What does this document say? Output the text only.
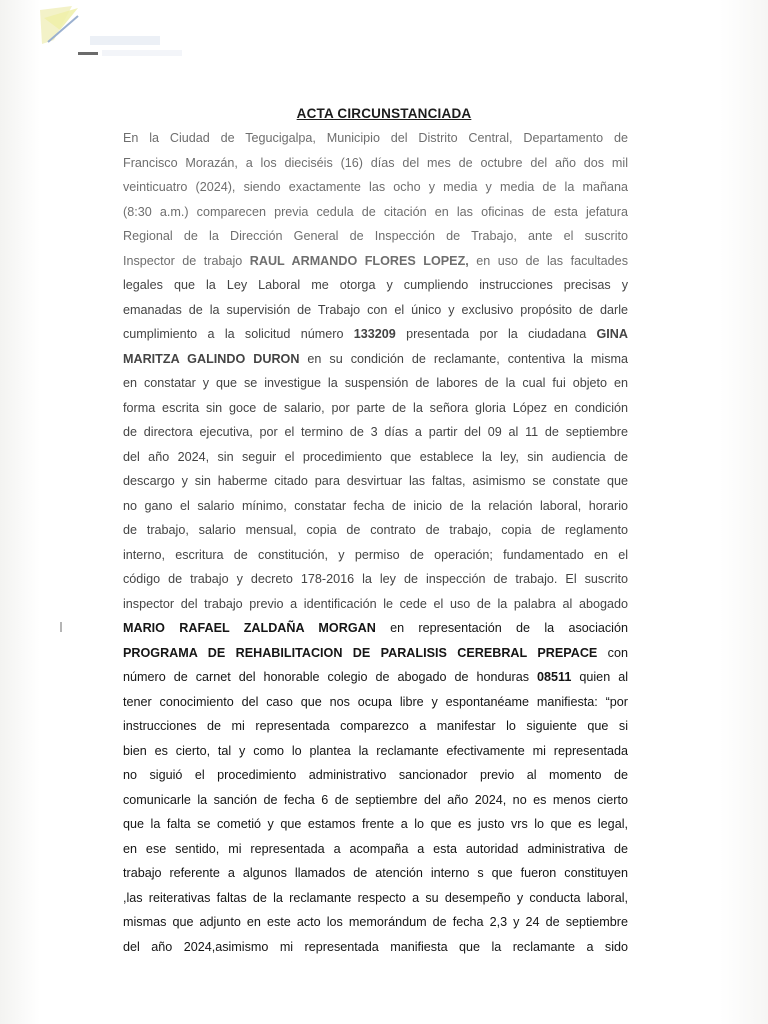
ACTA CIRCUNSTANCIADA
En la Ciudad de Tegucigalpa, Municipio del Distrito Central, Departamento de
Francisco Morazán, a los dieciséis (16) días del mes de octubre del año dos mil
veinticuatro (2024), siendo exactamente las ocho y media y media de la mañana
(8:30 a.m.) comparecen previa cedula de citación en las oficinas de esta jefatura
Regional de la Dirección General de Inspección de Trabajo, ante el suscrito
Inspector de trabajo RAUL ARMANDO FLORES LOPEZ, en uso de las facultades
legales que la Ley Laboral me otorga y cumpliendo instrucciones precisas y
emanadas de la supervisión de Trabajo con el único y exclusivo propósito de darle
cumplimiento a la solicitud número 133209 presentada por la ciudadana GINA
MARITZA GALINDO DURON en su condición de reclamante, contentiva la misma
en constatar y que se investigue la suspensión de labores de la cual fui objeto en
forma escrita sin goce de salario, por parte de la señora gloria López en condición
de directora ejecutiva, por el termino de 3 días a partir del 09 al 11 de septiembre
del año 2024, sin seguir el procedimiento que establece la ley, sin audiencia de
descargo y sin haberme citado para desvirtuar las faltas, asimismo se constate que
no gano el salario mínimo, constatar fecha de inicio de la relación laboral, horario
de trabajo, salario mensual, copia de contrato de trabajo, copia de reglamento
interno, escritura de constitución, y permiso de operación; fundamentado en el
código de trabajo y decreto 178-2016 la ley de inspección de trabajo. El suscrito
inspector del trabajo previo a identificación le cede el uso de la palabra al abogado
MARIO RAFAEL ZALDAÑA MORGAN en representación de la asociación
PROGRAMA DE REHABILITACION DE PARALISIS CEREBRAL PREPACE con
número de carnet del honorable colegio de abogado de honduras 08511 quien al
tener conocimiento del caso que nos ocupa libre y espontanéame manifiesta: “por
instrucciones de mi representada comparezco a manifestar lo siguiente que si
bien es cierto, tal y como lo plantea la reclamante efectivamente mi representada
no siguió el procedimiento administrativo sancionador previo al momento de
comunicarle la sanción de fecha 6 de septiembre del año 2024, no es menos cierto
que la falta se cometió y que estamos frente a lo que es justo vrs lo que es legal,
en ese sentido, mi representada a acompaña a esta autoridad administrativa de
trabajo referente a algunos llamados de atención interno s que fueron constituyen
,las reiterativas faltas de la reclamante respecto a su desempeño y conducta laboral,
mismas que adjunto en este acto los memorándum de fecha 2,3 y 24 de septiembre
del año 2024,asimismo mi representada manifiesta que la reclamante a sido
